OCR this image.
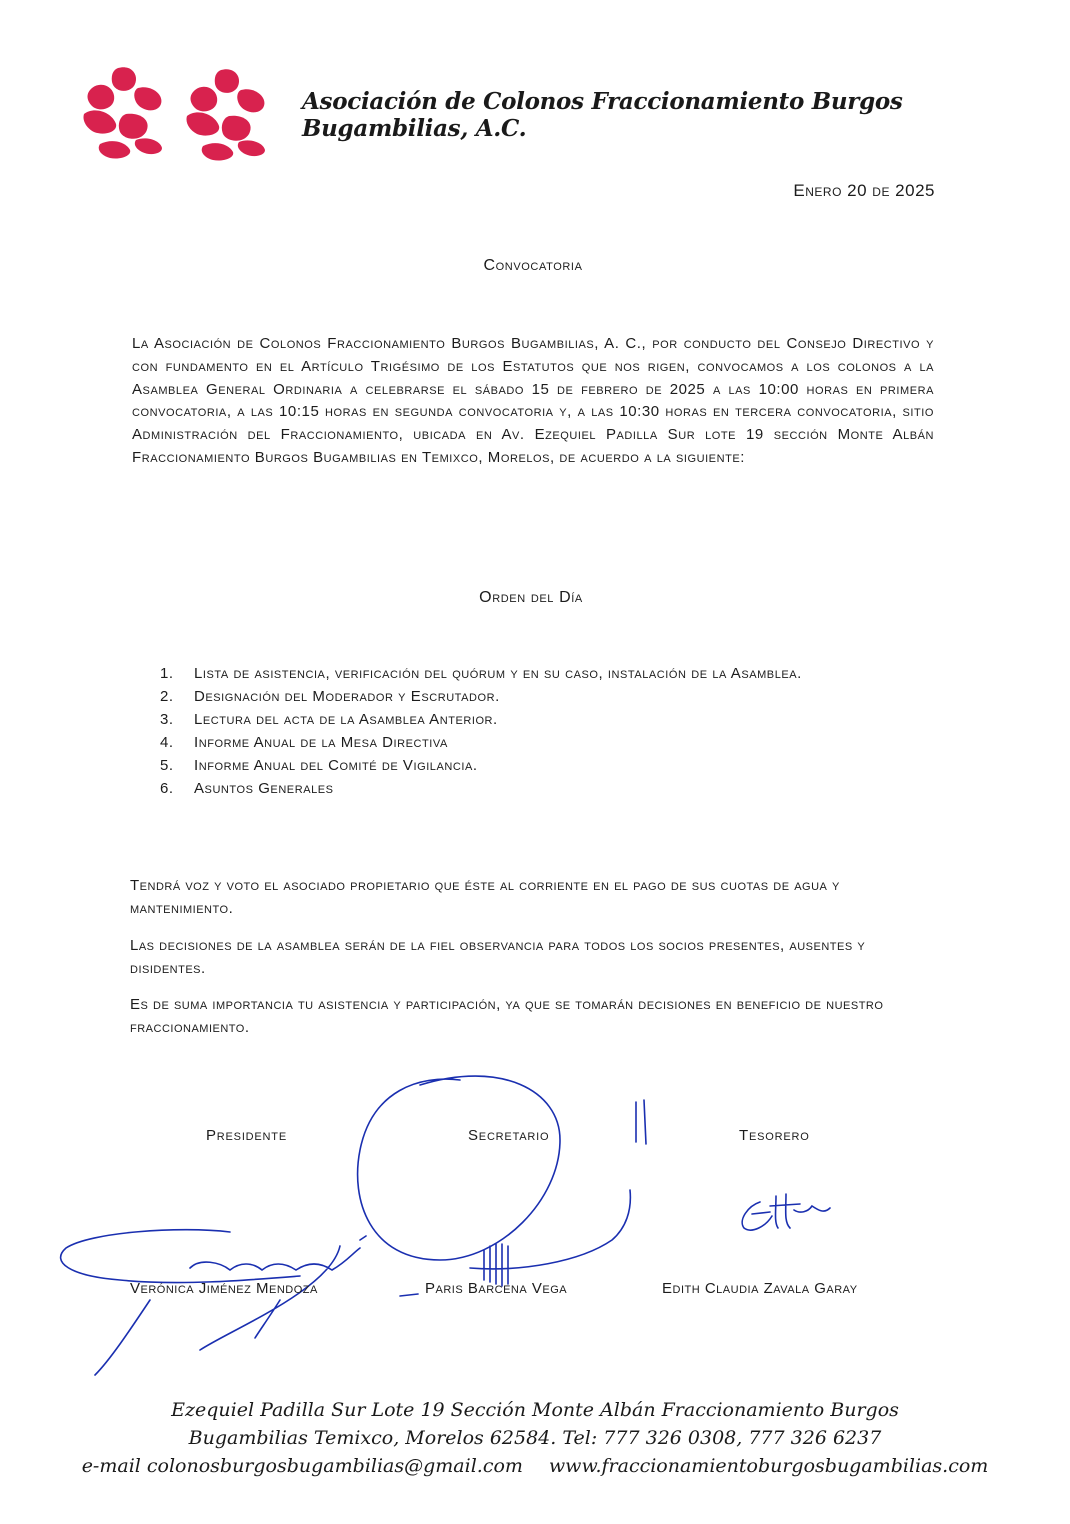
Asociación de Colonos Fraccionamiento Burgos Bugambilias, A.C.
Enero 20 de 2025
Convocatoria
La Asociación de Colonos Fraccionamiento Burgos Bugambilias, A. C., por conducto del Consejo Directivo y con fundamento en el Artículo Trigésimo de los Estatutos que nos rigen, convocamos a los colonos a la Asamblea General Ordinaria a celebrarse el sábado 15 de febrero de 2025 a las 10:00 horas en primera convocatoria, a las 10:15 horas en segunda convocatoria y, a las 10:30 horas en tercera convocatoria, sitio Administración del Fraccionamiento, ubicada en Av. Ezequiel Padilla Sur lote 19 sección Monte Albán Fraccionamiento Burgos Bugambilias en Temixco, Morelos, de acuerdo a la siguiente:
Orden del Día
1.	Lista de asistencia, verificación del quórum y en su caso, instalación de la Asamblea.
2.	Designación del Moderador y Escrutador.
3.	Lectura del acta de la Asamblea Anterior.
4.	Informe Anual de la Mesa Directiva
5.	Informe Anual del Comité de Vigilancia.
6.	Asuntos Generales
Tendrá voz y voto el asociado propietario que éste al corriente en el pago de sus cuotas de agua y mantenimiento.
Las decisiones de la asamblea serán de la fiel observancia para todos los socios presentes, ausentes y disidentes.
Es de suma importancia tu asistencia y participación, ya que se tomarán decisiones en beneficio de nuestro fraccionamiento.
Presidente	Secretario	Tesorero
Verónica Jiménez Mendoza	Paris Barcena Vega	Edith Claudia Zavala Garay
Ezequiel Padilla Sur Lote 19 Sección Monte Albán Fraccionamiento Burgos
Bugambilias Temixco, Morelos 62584. Tel: 777 326 0308, 777 326 6237
e-mail colonosburgosbugambilias@gmail.com www.fraccionamientoburgosbugambilias.com
